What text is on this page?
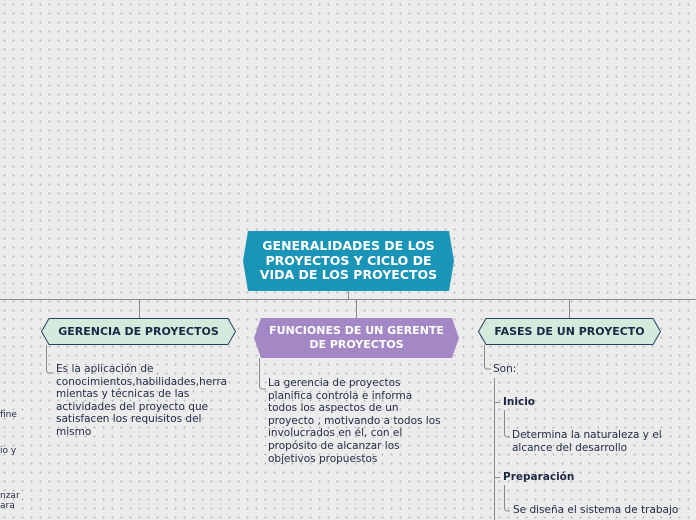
GENERALIDADES DE LOS PROYECTOS Y CICLO DE VIDA DE LOS PROYECTOS
GERENCIA DE PROYECTOS
Es la aplicación de
conocimientos,habilidades,herra
mientas y técnicas de las
actividades del proyecto que
satisfacen los requisitos del
mismo
FUNCIONES DE UN GERENTE DE PROYECTOS
La gerencia de proyectos
planifica controla e informa
todos los aspectos de un
proyecto , motivando a todos los
involucrados en él, con el
propósito de alcanzar los
objetivos propuestos
FASES DE UN PROYECTO
Son:
Inicio
Determina la naturaleza y el
alcance del desarrollo
Preparación
Se diseña el sistema de trabajo
fine
io y
nzar
ara
